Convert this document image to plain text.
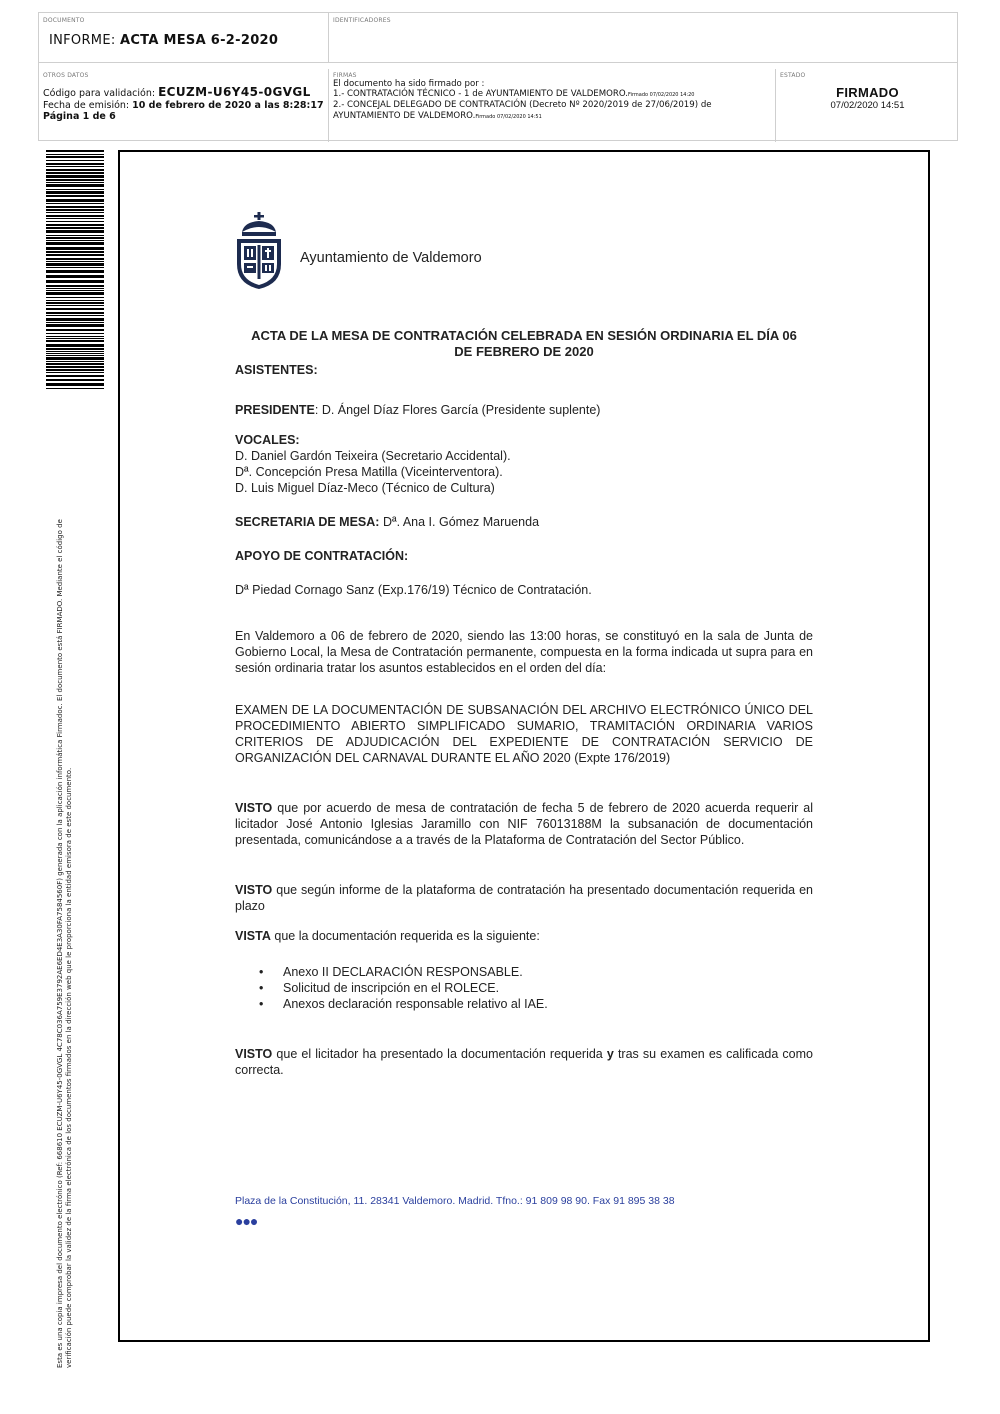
DOCUMENTO
INFORME: ACTA MESA 6-2-2020
IDENTIFICADORES
OTROS DATOS
Código para validación: ECUZM-U6Y45-0GVGL
Fecha de emisión: 10 de febrero de 2020 a las 8:28:17
Página 1 de 6
FIRMAS
El documento ha sido firmado por :
1.- CONTRATACIÓN TÉCNICO - 1 de AYUNTAMIENTO DE VALDEMORO.Firmado 07/02/2020 14:20
2.- CONCEJAL DELEGADO DE CONTRATACIÓN (Decreto Nº 2020/2019 de 27/06/2019) de
AYUNTAMIENTO DE VALDEMORO.Firmado 07/02/2020 14:51
ESTADO
FIRMADO
07/02/2020 14:51
Esta es una copia impresa del documento electrónico (Ref: 668610 ECUZM-U6Y45-0GVGL 4C78C036A759E3792AE6ED4E3A30FA7584560F) generada con la aplicación informática Firmadoc. El documento está FIRMADO. Mediante el código de verificación puede comprobar la validez de la firma electrónica de los documentos firmados en la dirección web que le proporciona la entidad emisora de este documento.
Ayuntamiento de Valdemoro
ACTA DE LA MESA DE CONTRATACIÓN CELEBRADA EN SESIÓN ORDINARIA EL DÍA 06
DE FEBRERO DE 2020
ASISTENTES:
PRESIDENTE: D. Ángel Díaz Flores García (Presidente suplente)
VOCALES:
D. Daniel Gardón Teixeira (Secretario Accidental).
Dª. Concepción Presa Matilla (Viceinterventora).
D. Luis Miguel Díaz-Meco (Técnico de Cultura)
SECRETARIA DE MESA: Dª. Ana I. Gómez Maruenda
APOYO DE CONTRATACIÓN:
Dª Piedad Cornago Sanz (Exp.176/19) Técnico de Contratación.
En Valdemoro a 06 de febrero de 2020, siendo las 13:00 horas, se constituyó en la sala de Junta de Gobierno Local, la Mesa de Contratación permanente, compuesta en la forma indicada ut supra para en sesión ordinaria tratar los asuntos establecidos en el orden del día:
EXAMEN DE LA DOCUMENTACIÓN DE SUBSANACIÓN DEL ARCHIVO ELECTRÓNICO ÚNICO DEL PROCEDIMIENTO ABIERTO SIMPLIFICADO SUMARIO, TRAMITACIÓN ORDINARIA VARIOS CRITERIOS DE ADJUDICACIÓN DEL EXPEDIENTE DE CONTRATACIÓN SERVICIO DE ORGANIZACIÓN DEL CARNAVAL DURANTE EL AÑO 2020 (Expte 176/2019)
VISTO que por acuerdo de mesa de contratación de fecha 5 de febrero de 2020 acuerda requerir al licitador José Antonio Iglesias Jaramillo con NIF 76013188M la subsanación de documentación presentada, comunicándose a a través de la Plataforma de Contratación del Sector Público.
VISTO que según informe de la plataforma de contratación ha presentado documentación requerida en plazo
VISTA que la documentación requerida es la siguiente:
• Anexo II DECLARACIÓN RESPONSABLE.
• Solicitud de inscripción en el ROLECE.
• Anexos declaración responsable relativo al IAE.
VISTO que el licitador ha presentado la documentación requerida y tras su examen es calificada como correcta.
Plaza de la Constitución, 11. 28341 Valdemoro. Madrid. Tfno.: 91 809 98 90. Fax 91 895 38 38
●●●
